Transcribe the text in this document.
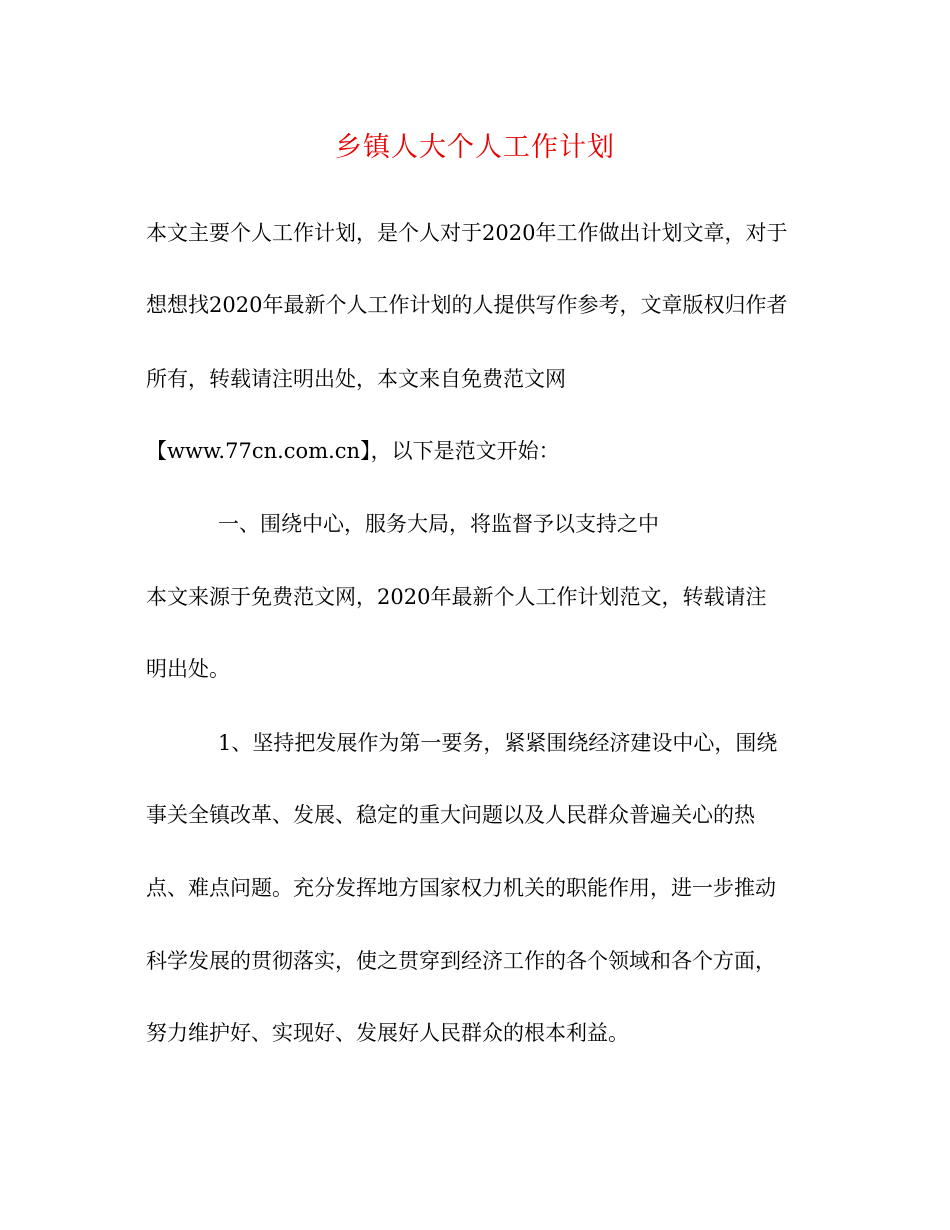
乡镇人大个人工作计划
本文主要个人工作计划，是个人对于2020年工作做出计划文章，对于
想想找2020年最新个人工作计划的人提供写作参考，文章版权归作者
所有，转载请注明出处，本文来自免费范文网
【www.77cn.com.cn】，以下是范文开始：
一、围绕中心，服务大局，将监督予以支持之中
本文来源于免费范文网，2020年最新个人工作计划范文，转载请注
明出处。
1、坚持把发展作为第一要务，紧紧围绕经济建设中心，围绕
事关全镇改革、发展、稳定的重大问题以及人民群众普遍关心的热
点、难点问题。充分发挥地方国家权力机关的职能作用，进一步推动
科学发展的贯彻落实，使之贯穿到经济工作的各个领域和各个方面，
努力维护好、实现好、发展好人民群众的根本利益。
